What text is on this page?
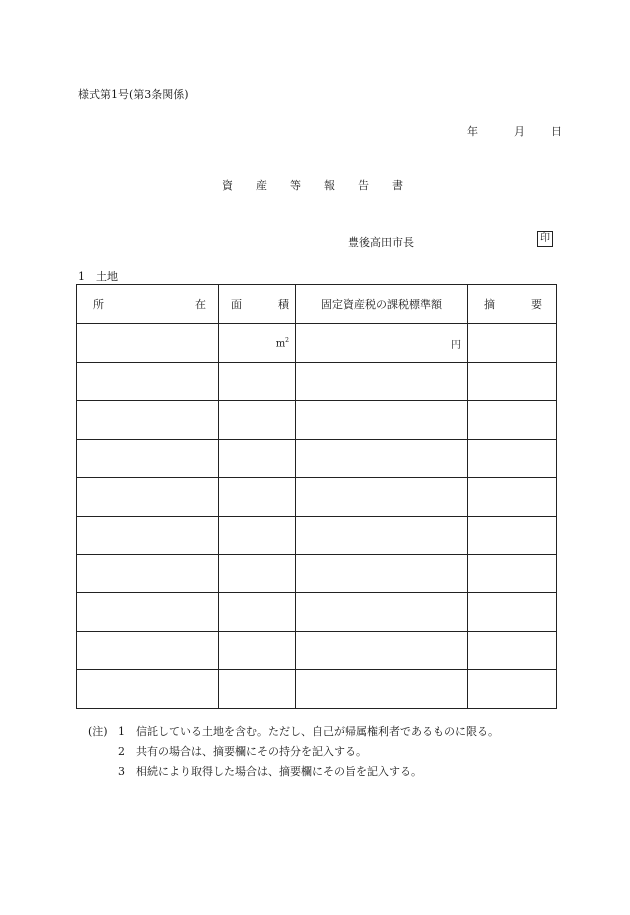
様式第1号(第3条関係)
年	月 日
資 産 等 報 告 書
豊後高田市長	印
1　土地
所 在	面 積	固定資産税の課税標準額	摘 要

	$m^2$	円	

(注) 1	信託している土地を含む。ただし、自己が帰属権利者であるものに限る。
2	共有の場合は、摘要欄にその持分を記入する。
3	相続により取得した場合は、摘要欄にその旨を記入する。
